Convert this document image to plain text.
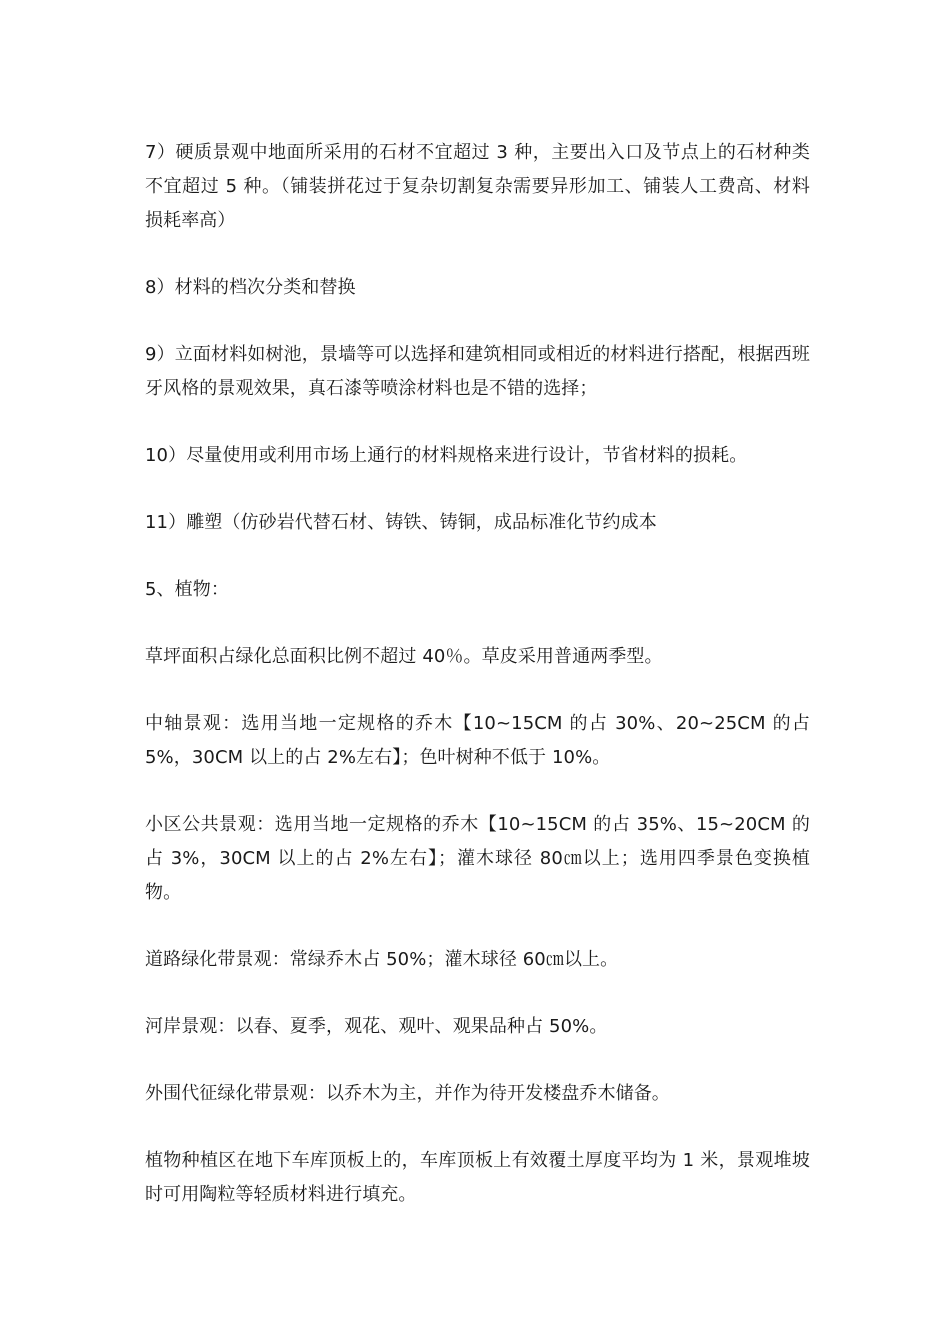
7）硬质景观中地面所采用的石材不宜超过 3 种，主要出入口及节点上的石材种类不宜超过 5 种。（铺装拼花过于复杂切割复杂需要异形加工、铺装人工费高、材料损耗率高）

8）材料的档次分类和替换

9）立面材料如树池，景墙等可以选择和建筑相同或相近的材料进行搭配，根据西班牙风格的景观效果，真石漆等喷涂材料也是不错的选择；

10）尽量使用或利用市场上通行的材料规格来进行设计，节省材料的损耗。

11）雕塑（仿砂岩代替石材、铸铁、铸铜，成品标准化节约成本

5、植物：

草坪面积占绿化总面积比例不超过 40％。草皮采用普通两季型。

中轴景观：选用当地一定规格的乔木【10~15CM 的占 30%、20~25CM 的占 5%，30CM 以上的占 2%左右】；色叶树种不低于 10%。

小区公共景观：选用当地一定规格的乔木【10~15CM 的占 35%、15~20CM 的占 3%，30CM 以上的占 2%左右】；灌木球径 80㎝以上；选用四季景色变换植物。

道路绿化带景观：常绿乔木占 50%；灌木球径 60㎝以上。

河岸景观：以春、夏季，观花、观叶、观果品种占 50%。

外围代征绿化带景观：以乔木为主，并作为待开发楼盘乔木储备。

植物种植区在地下车库顶板上的，车库顶板上有效覆土厚度平均为 1 米，景观堆坡时可用陶粒等轻质材料进行填充。
